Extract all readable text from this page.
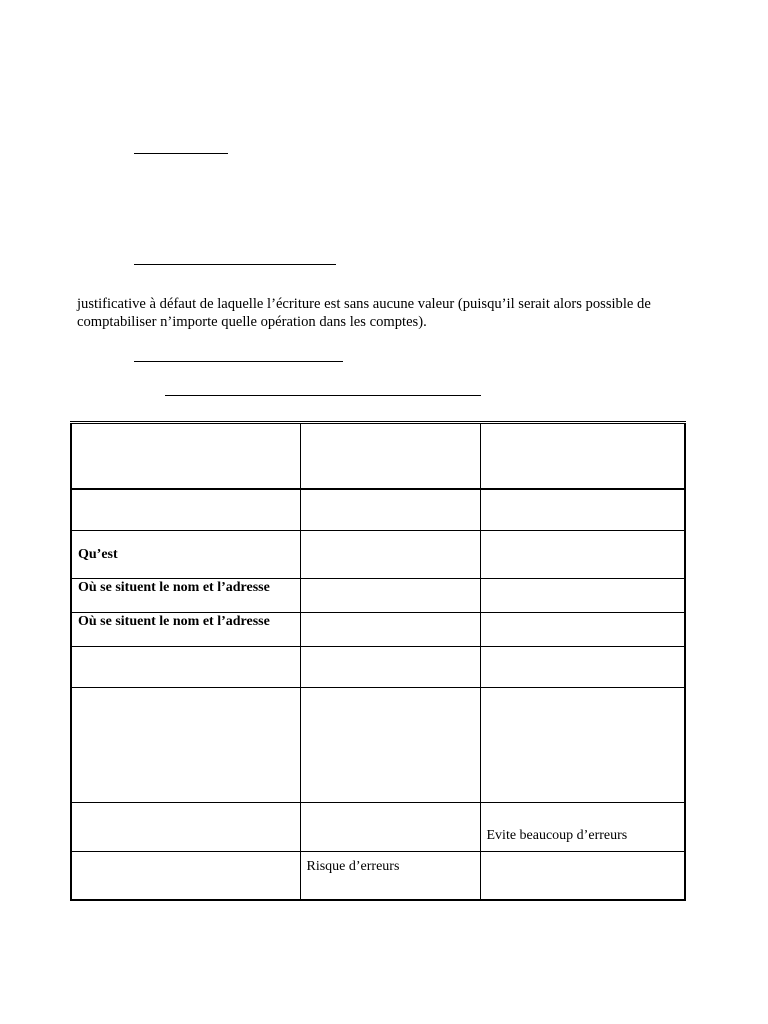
justificative à défaut de laquelle l’écriture est sans aucune valeur (puisqu’il serait alors possible de comptabiliser n’importe quelle opération dans les comptes).

Qu’est		

Où se situent le nom et l’adresse		

Où se situent le nom et l’adresse		

		Evite beaucoup d’erreurs

	Risque d’erreurs	
